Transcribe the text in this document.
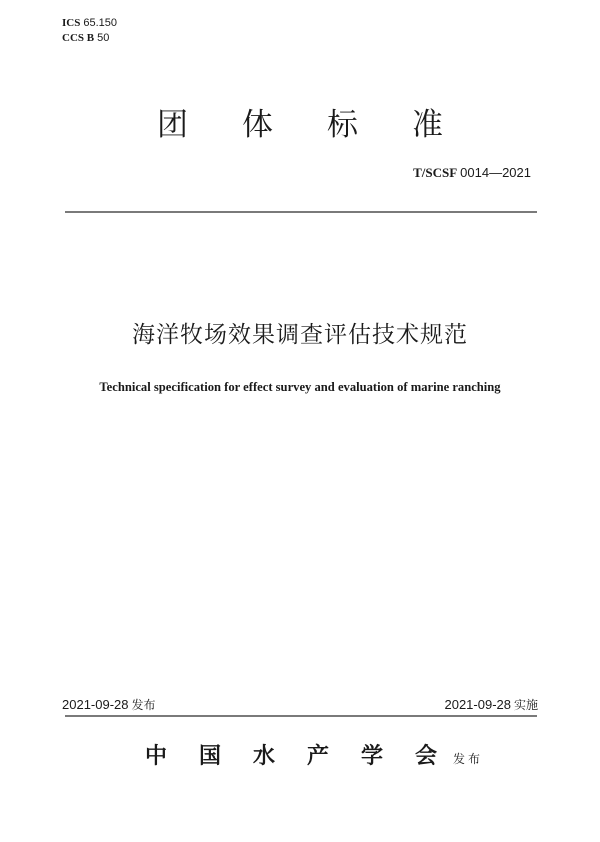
ICS 65.150
CCS B 50
团 体 标 准
T/SCSF 0014—2021
海洋牧场效果调查评估技术规范
Technical specification for effect survey and evaluation of marine ranching
2021-09-28 发布	2021-09-28 实施
中 国 水 产 学 会 发布
